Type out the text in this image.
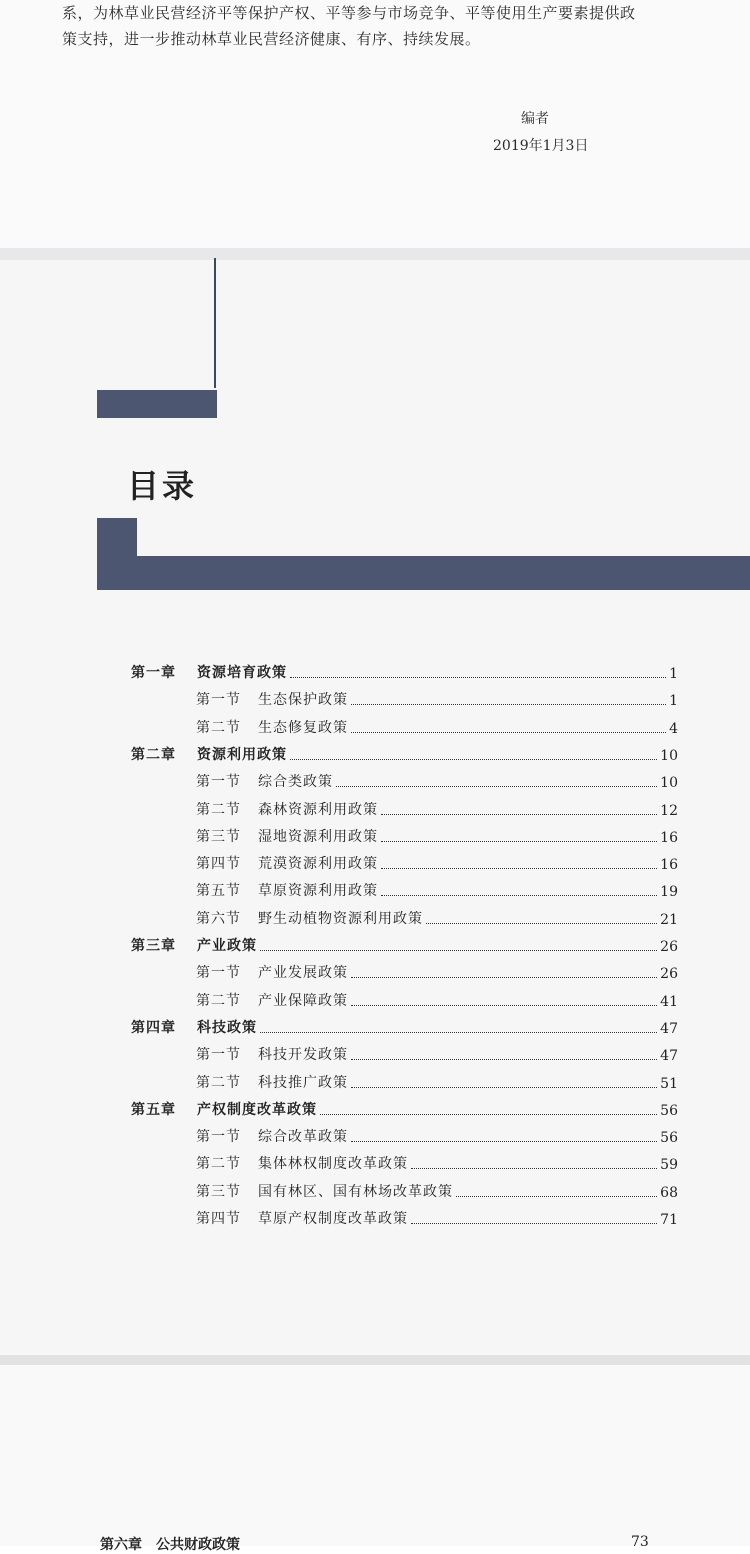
系，为林草业民营经济平等保护产权、平等参与市场竞争、平等使用生产要素提供政
策支持，进一步推动林草业民营经济健康、有序、持续发展。
编者
2019年1月3日
目录
第一章	资源培育政策	1
第一节	生态保护政策	1
第二节	生态修复政策	4
第二章	资源利用政策	10
第一节	综合类政策	10
第二节	森林资源利用政策	12
第三节	湿地资源利用政策	16
第四节	荒漠资源利用政策	16
第五节	草原资源利用政策	19
第六节	野生动植物资源利用政策	21
第三章	产业政策	26
第一节	产业发展政策	26
第二节	产业保障政策	41
第四章	科技政策	47
第一节	科技开发政策	47
第二节	科技推广政策	51
第五章	产权制度改革政策	56
第一节	综合改革政策	56
第二节	集体林权制度改革政策	59
第三节	国有林区、国有林场改革政策	68
第四节	草原产权制度改革政策	71
第六章　公共财政政策	73
